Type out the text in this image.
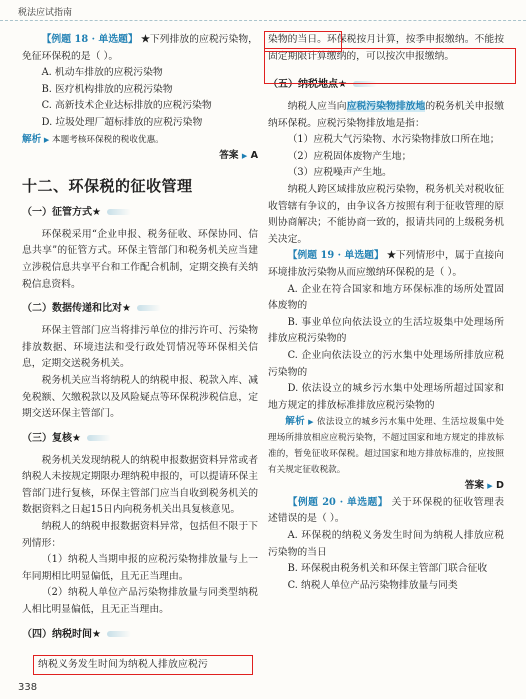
税法应试指南

【例题 18 · 单选题】 ★下列排放的应税污染物，免征环保税的是（ ）。

A. 机动车排放的应税污染物

B. 医疗机构排放的应税污染物

C. 高新技术企业达标排放的应税污染物

D. 垃圾处理厂超标排放的应税污染物

解析 ▶ 本题考核环保税的税收优惠。

答案 ▶ A

十二、环保税的征收管理
（一）征管方式★

环保税采用“企业申报、税务征收、环保协同、信息共享”的征管方式。环保主管部门和税务机关应当建立涉税信息共享平台和工作配合机制，定期交换有关纳税信息资料。

（二）数据传递和比对★

环保主管部门应当将排污单位的排污许可、污染物排放数据、环境违法和受行政处罚情况等环保相关信息，定期交送税务机关。

税务机关应当将纳税人的纳税申报、税款入库、减免税额、欠缴税款以及风险疑点等环保税涉税信息，定期交送环保主管部门。

（三）复核★

税务机关发现纳税人的纳税申报数据资料异常或者纳税人未按规定期限办理纳税申报的，可以提请环保主管部门进行复核，环保主管部门应当自收到税务机关的数据资料之日起15日内向税务机关出具复核意见。

纳税人的纳税申报数据资料异常，包括但不限于下列情形：

（1）纳税人当期申报的应税污染物排放量与上一年同期相比明显偏低，且无正当理由。

（2）纳税人单位产品污染物排放量与同类型纳税人相比明显偏低，且无正当理由。

（四）纳税时间★
纳税义务发生时间为纳税人排放应税污

染物的当日。环保税按月计算，按季申报缴纳。不能按固定期限计算缴纳的，可以按次申报缴纳。

（五）纳税地点★

纳税人应当向应税污染物排放地的税务机关申报缴纳环保税。应税污染物排放地是指：

（1）应税大气污染物、水污染物排放口所在地；

（2）应税固体废物产生地；

（3）应税噪声产生地。

纳税人跨区域排放应税污染物，税务机关对税收征收管辖有争议的，由争议各方按照有利于征收管理的原则协商解决；不能协商一致的，报请共同的上级税务机关决定。

【例题 19 · 单选题】 ★下列情形中，属于直接向环境排放污染物从而应缴纳环保税的是（ ）。

A. 企业在符合国家和地方环保标准的场所处置固体废物的

B. 事业单位向依法设立的生活垃圾集中处理场所排放应税污染物的

C. 企业向依法设立的污水集中处理场所排放应税污染物的

D. 依法设立的城乡污水集中处理场所超过国家和地方规定的排放标准排放应税污染物的

解析 ▶ 依法设立的城乡污水集中处理、生活垃圾集中处理场所排放相应应税污染物，不超过国家和地方规定的排放标准的，暂免征收环保税。超过国家和地方排放标准的，应按照有关规定征收税款。

答案 ▶ D

【例题 20 · 单选题】 关于环保税的征收管理表述错误的是（ ）。

A. 环保税的纳税义务发生时间为纳税人排放应税污染物的当日

B. 环保税由税务机关和环保主管部门联合征收

C. 纳税人单位产品污染物排放量与同类

338
